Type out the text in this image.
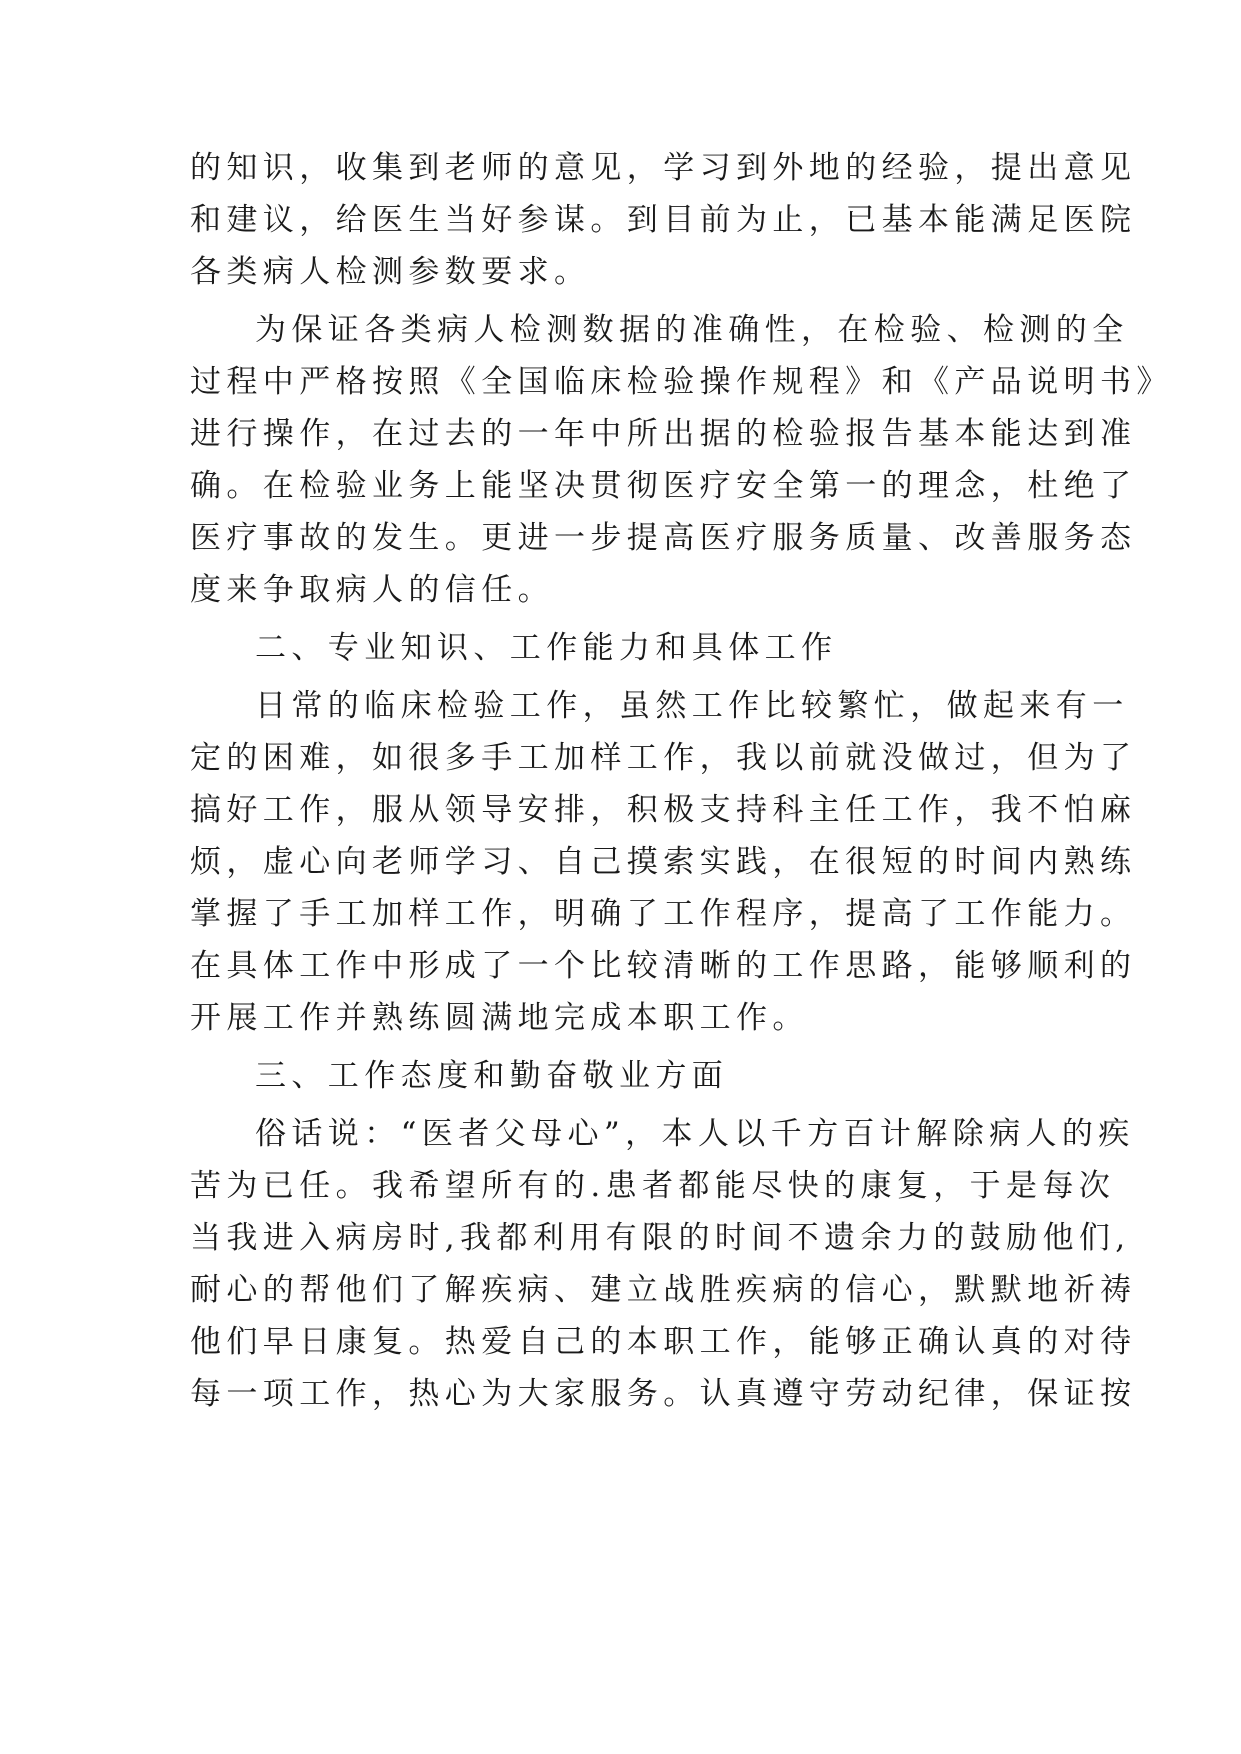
的知识，收集到老师的意见，学习到外地的经验，提出意见
和建议，给医生当好参谋。到目前为止，已基本能满足医院
各类病人检测参数要求。
为保证各类病人检测数据的准确性，在检验、检测的全
过程中严格按照《全国临床检验操作规程》和《产品说明书》
进行操作，在过去的一年中所出据的检验报告基本能达到准
确。在检验业务上能坚决贯彻医疗安全第一的理念，杜绝了
医疗事故的发生。更进一步提高医疗服务质量、改善服务态
度来争取病人的信任。
二、专业知识、工作能力和具体工作
日常的临床检验工作，虽然工作比较繁忙，做起来有一
定的困难，如很多手工加样工作，我以前就没做过，但为了
搞好工作，服从领导安排，积极支持科主任工作，我不怕麻
烦，虚心向老师学习、自己摸索实践，在很短的时间内熟练
掌握了手工加样工作，明确了工作程序，提高了工作能力。
在具体工作中形成了一个比较清晰的工作思路，能够顺利的
开展工作并熟练圆满地完成本职工作。
三、工作态度和勤奋敬业方面
俗话说：“医者父母心”，本人以千方百计解除病人的疾
苦为已任。我希望所有的.患者都能尽快的康复，于是每次
当我进入病房时,我都利用有限的时间不遗余力的鼓励他们,
耐心的帮他们了解疾病、建立战胜疾病的信心，默默地祈祷
他们早日康复。热爱自己的本职工作，能够正确认真的对待
每一项工作，热心为大家服务。认真遵守劳动纪律，保证按
